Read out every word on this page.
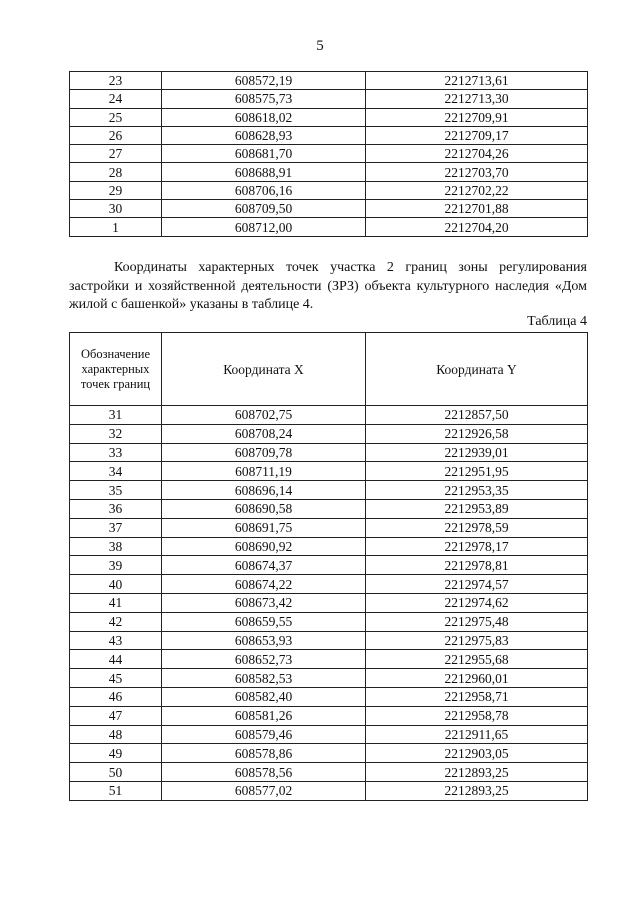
5
23	608572,19	2212713,61
24	608575,73	2212713,30
25	608618,02	2212709,91
26	608628,93	2212709,17
27	608681,70	2212704,26
28	608688,91	2212703,70
29	608706,16	2212702,22
30	608709,50	2212701,88
1	608712,00	2212704,20
Координаты характерных точек участка 2 границ зоны регулирования застройки и хозяйственной деятельности (ЗРЗ) объекта культурного наследия «Дом жилой с башенкой» указаны в таблице 4.
Таблица 4
Обозначение характерных точек границ	Координата X	Координата Y
31	608702,75	2212857,50
32	608708,24	2212926,58
33	608709,78	2212939,01
34	608711,19	2212951,95
35	608696,14	2212953,35
36	608690,58	2212953,89
37	608691,75	2212978,59
38	608690,92	2212978,17
39	608674,37	2212978,81
40	608674,22	2212974,57
41	608673,42	2212974,62
42	608659,55	2212975,48
43	608653,93	2212975,83
44	608652,73	2212955,68
45	608582,53	2212960,01
46	608582,40	2212958,71
47	608581,26	2212958,78
48	608579,46	2212911,65
49	608578,86	2212903,05
50	608578,56	2212893,25
51	608577,02	2212893,25
